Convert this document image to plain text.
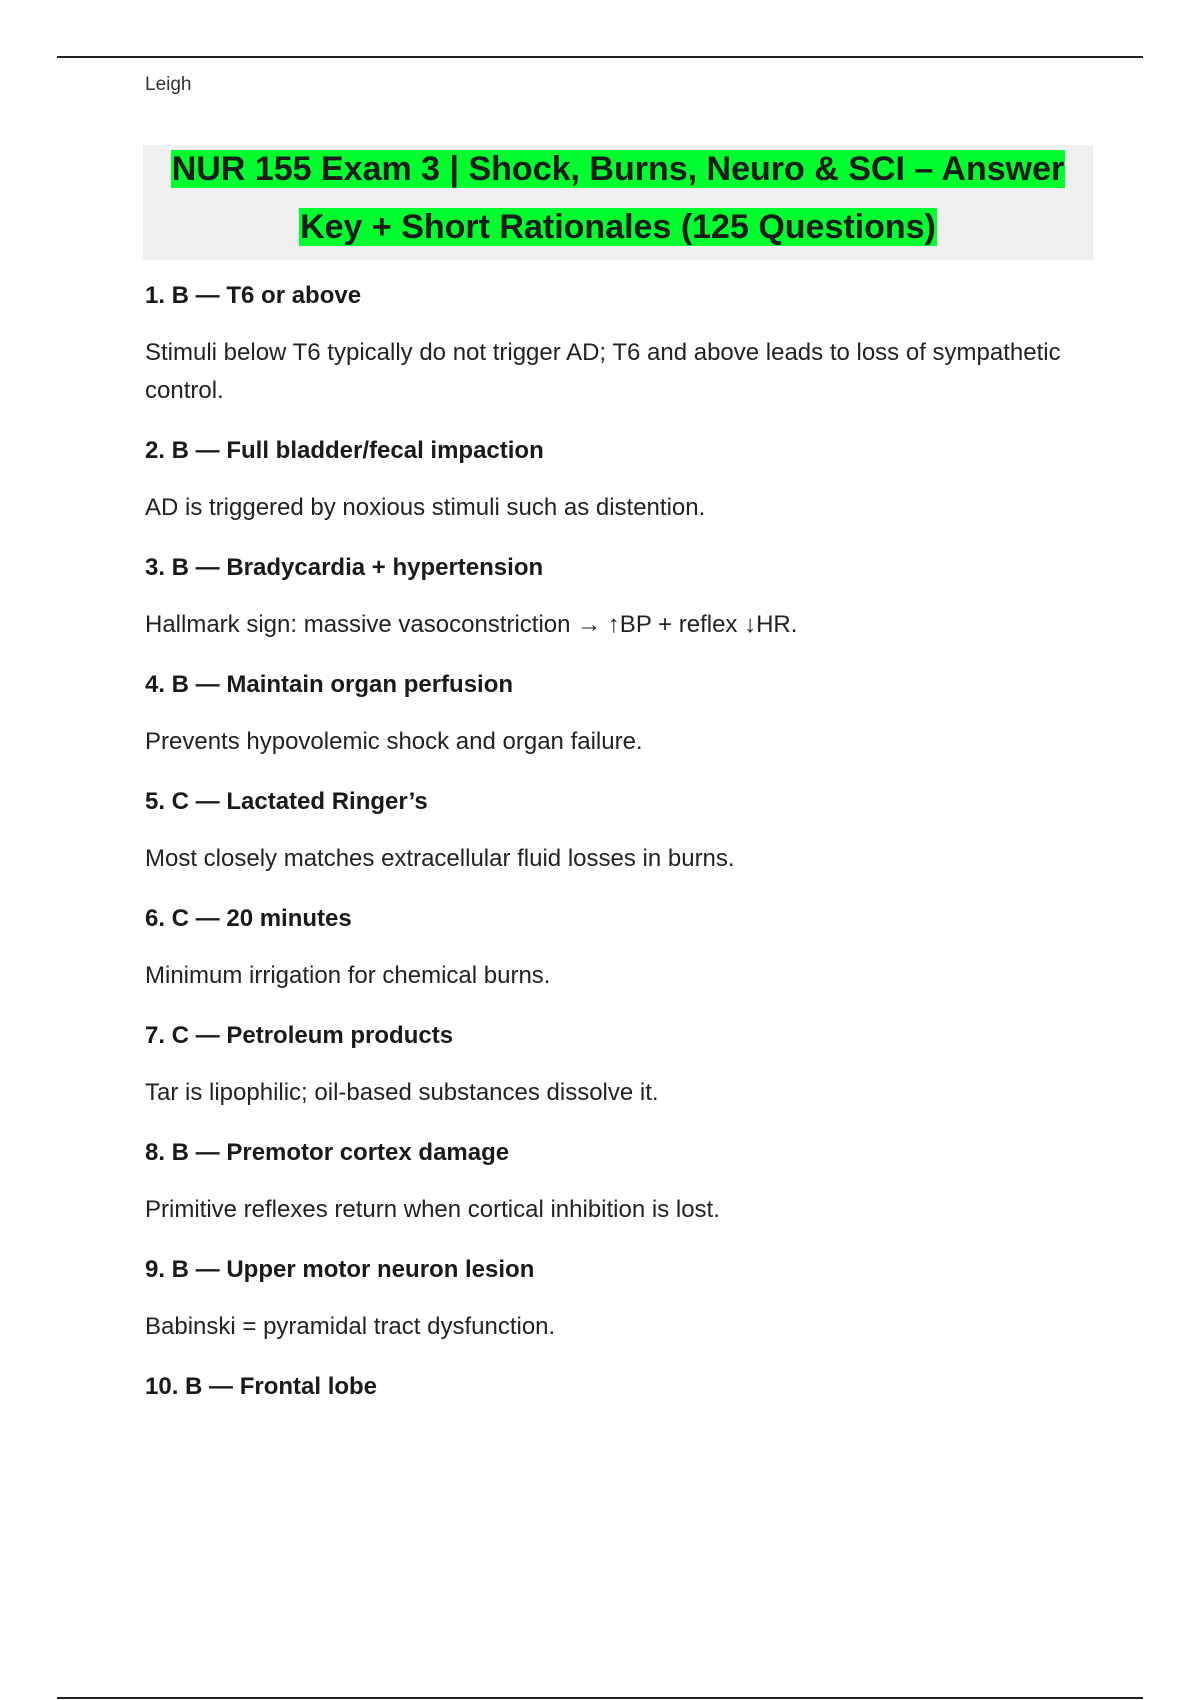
Leigh
NUR 155 Exam 3 | Shock, Burns, Neuro & SCI – Answer
Key + Short Rationales (125 Questions)

1. B — T6 or above

Stimuli below T6 typically do not trigger AD; T6 and above leads to loss of sympathetic control.

2. B — Full bladder/fecal impaction

AD is triggered by noxious stimuli such as distention.

3. B — Bradycardia + hypertension

Hallmark sign: massive vasoconstriction → ↑BP + reflex ↓HR.

4. B — Maintain organ perfusion

Prevents hypovolemic shock and organ failure.

5. C — Lactated Ringer’s

Most closely matches extracellular fluid losses in burns.

6. C — 20 minutes

Minimum irrigation for chemical burns.

7. C — Petroleum products

Tar is lipophilic; oil-based substances dissolve it.

8. B — Premotor cortex damage

Primitive reflexes return when cortical inhibition is lost.

9. B — Upper motor neuron lesion

Babinski = pyramidal tract dysfunction.

10. B — Frontal lobe
